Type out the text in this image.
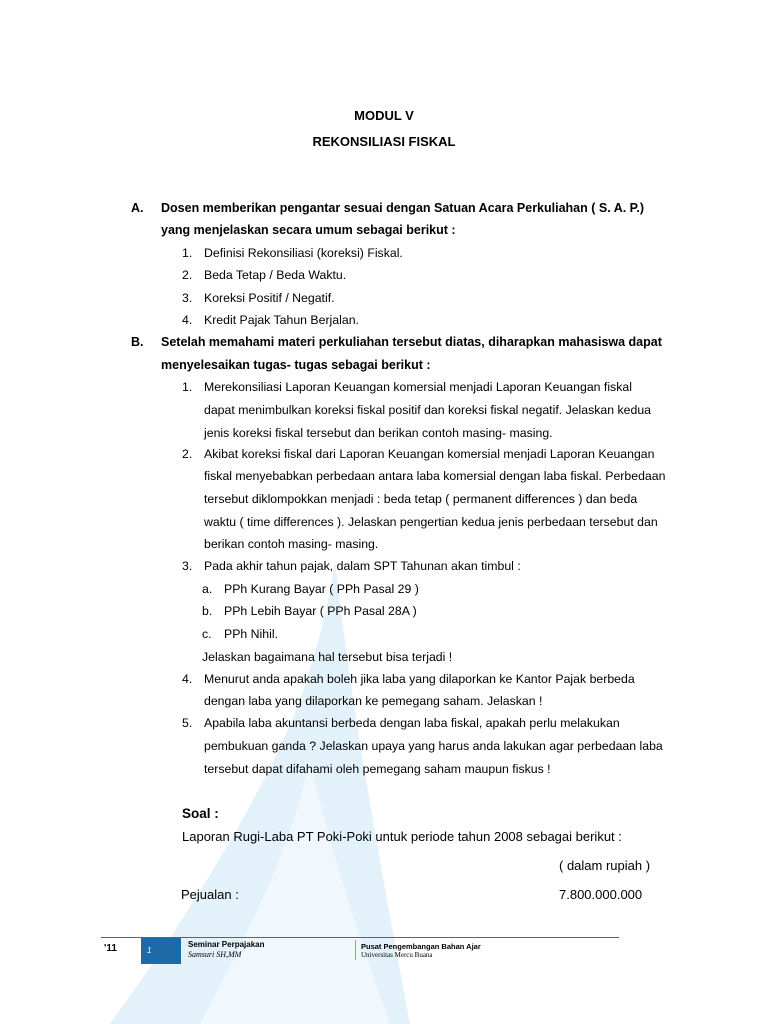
MODUL V
REKONSILIASI FISKAL
A. Dosen memberikan pengantar sesuai dengan Satuan Acara Perkuliahan ( S. A. P.)
yang menjelaskan secara umum sebagai berikut :
1. Definisi Rekonsiliasi (koreksi) Fiskal.
2. Beda Tetap / Beda Waktu.
3. Koreksi Positif / Negatif.
4. Kredit Pajak Tahun Berjalan.
B. Setelah memahami materi perkuliahan tersebut diatas, diharapkan mahasiswa dapat
menyelesaikan tugas- tugas sebagai berikut :
1. Merekonsiliasi Laporan Keuangan komersial menjadi Laporan Keuangan fiskal
dapat menimbulkan koreksi fiskal positif dan koreksi fiskal negatif. Jelaskan kedua
jenis koreksi fiskal tersebut dan berikan contoh masing- masing.
2. Akibat koreksi fiskal dari Laporan Keuangan komersial menjadi Laporan Keuangan
fiskal menyebabkan perbedaan antara laba komersial dengan laba fiskal. Perbedaan
tersebut diklompokkan menjadi : beda tetap ( permanent differences ) dan beda
waktu ( time differences ). Jelaskan pengertian kedua jenis perbedaan tersebut dan
berikan contoh masing- masing.
3. Pada akhir tahun pajak, dalam SPT Tahunan akan timbul :
a. PPh Kurang Bayar ( PPh Pasal 29 )
b. PPh Lebih Bayar ( PPh Pasal 28A )
c. PPh Nihil.
Jelaskan bagaimana hal tersebut bisa terjadi !
4. Menurut anda apakah boleh jika laba yang dilaporkan ke Kantor Pajak berbeda
dengan laba yang dilaporkan ke pemegang saham. Jelaskan !
5. Apabila laba akuntansi berbeda dengan laba fiskal, apakah perlu melakukan
pembukuan ganda ? Jelaskan upaya yang harus anda lakukan agar perbedaan laba
tersebut dapat difahami oleh pemegang saham maupun fiskus !
Soal :
Laporan Rugi-Laba PT Poki-Poki untuk periode tahun 2008 sebagai berikut :
( dalam rupiah )
Pejualan :	7.800.000.000
'11	1
Seminar Perpajakan
Samsuri SH,MM
Pusat Pengembangan Bahan Ajar
Universitas Mercu Buana
